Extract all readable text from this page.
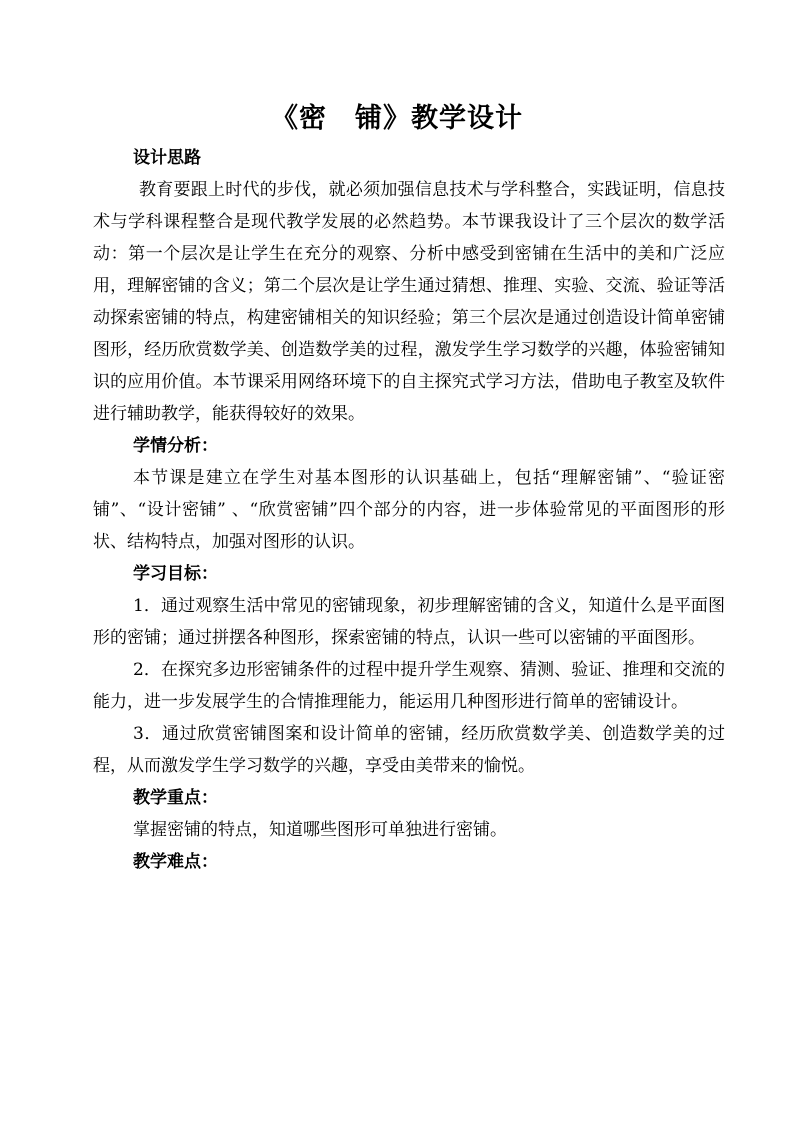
《密　铺》教学设计

设计思路

教育要跟上时代的步伐，就必须加强信息技术与学科整合，实践证明，信息技术与学科课程整合是现代教学发展的必然趋势。本节课我设计了三个层次的数学活动：第一个层次是让学生在充分的观察、分析中感受到密铺在生活中的美和广泛应用，理解密铺的含义；第二个层次是让学生通过猜想、推理、实验、交流、验证等活动探索密铺的特点，构建密铺相关的知识经验；第三个层次是通过创造设计简单密铺图形，经历欣赏数学美、创造数学美的过程，激发学生学习数学的兴趣，体验密铺知识的应用价值。本节课采用网络环境下的自主探究式学习方法，借助电子教室及软件进行辅助教学，能获得较好的效果。

学情分析：

本节课是建立在学生对基本图形的认识基础上，包括“理解密铺”、“验证密铺”、“设计密铺” 、“欣赏密铺”四个部分的内容，进一步体验常见的平面图形的形状、结构特点，加强对图形的认识。

学习目标：

1．通过观察生活中常见的密铺现象，初步理解密铺的含义，知道什么是平面图形的密铺；通过拼摆各种图形，探索密铺的特点，认识一些可以密铺的平面图形。

2．在探究多边形密铺条件的过程中提升学生观察、猜测、验证、推理和交流的能力，进一步发展学生的合情推理能力，能运用几种图形进行简单的密铺设计。

3．通过欣赏密铺图案和设计简单的密铺，经历欣赏数学美、创造数学美的过程，从而激发学生学习数学的兴趣，享受由美带来的愉悦。

教学重点：

掌握密铺的特点，知道哪些图形可单独进行密铺。

教学难点：
